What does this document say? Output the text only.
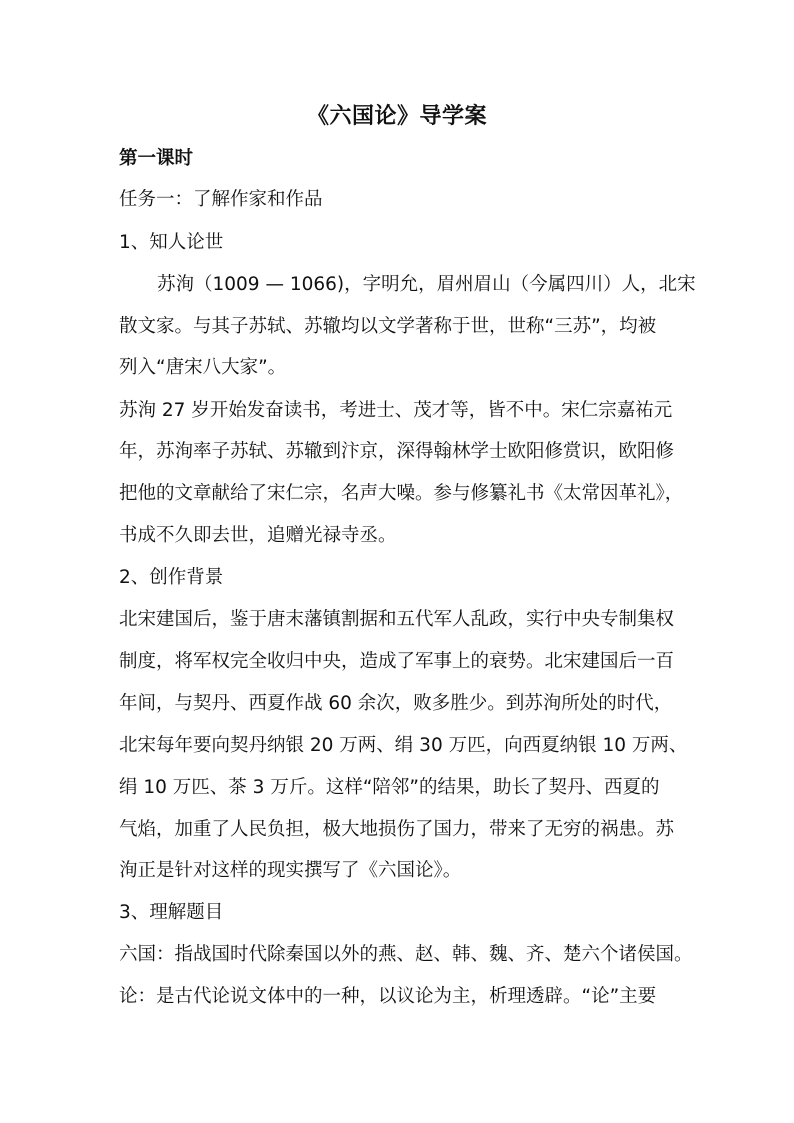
《六国论》导学案
第一课时
任务一：了解作家和作品
1、知人论世
苏洵（1009 — 1066)，字明允，眉州眉山（今属四川）人，北宋
散文家。与其子苏轼、苏辙均以文学著称于世，世称“三苏”，均被
列入“唐宋八大家”。
苏洵 27 岁开始发奋读书，考进士、茂才等，皆不中。宋仁宗嘉祐元
年，苏洵率子苏轼、苏辙到汴京，深得翰林学士欧阳修赏识，欧阳修
把他的文章献给了宋仁宗，名声大噪。参与修纂礼书《太常因革礼》，
书成不久即去世，追赠光禄寺丞。
2、创作背景
北宋建国后，鉴于唐末藩镇割据和五代军人乱政，实行中央专制集权
制度，将军权完全收归中央，造成了军事上的衰势。北宋建国后一百
年间，与契丹、西夏作战 60 余次，败多胜少。到苏洵所处的时代，
北宋每年要向契丹纳银 20 万两、绢 30 万匹，向西夏纳银 10 万两、
绢 10 万匹、茶 3 万斤。这样“陪邻”的结果，助长了契丹、西夏的
气焰，加重了人民负担，极大地损伤了国力，带来了无穷的祸患。苏
洵正是针对这样的现实撰写了《六国论》。
3、理解题目
六国：指战国时代除秦国以外的燕、赵、韩、魏、齐、楚六个诸侯国。
论：是古代论说文体中的一种，以议论为主，析理透辟。“论”主要
